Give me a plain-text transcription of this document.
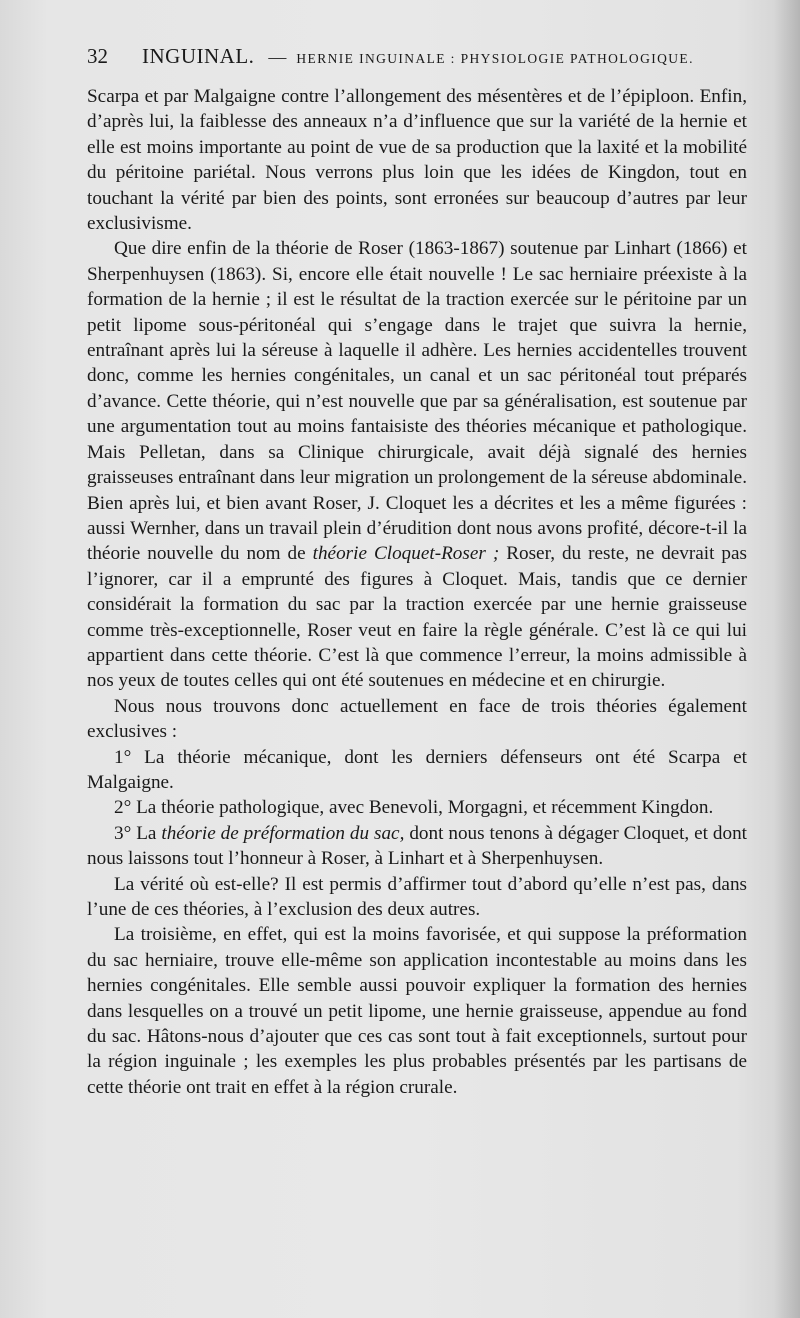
32 INGUINAL. — HERNIE INGUINALE : PHYSIOLOGIE PATHOLOGIQUE.

Scarpa et par Malgaigne contre l’allongement des mésentères et de l’épiploon. Enfin, d’après lui, la faiblesse des anneaux n’a d’influence que sur la variété de la hernie et elle est moins importante au point de vue de sa production que la laxité et la mobilité du péritoine pariétal. Nous verrons plus loin que les idées de Kingdon, tout en touchant la vérité par bien des points, sont erronées sur beaucoup d’autres par leur exclusivisme.

Que dire enfin de la théorie de Roser (1863-1867) soutenue par Linhart (1866) et Sherpenhuysen (1863). Si, encore elle était nouvelle ! Le sac herniaire préexiste à la formation de la hernie ; il est le résultat de la traction exercée sur le péritoine par un petit lipome sous-péritonéal qui s’engage dans le trajet que suivra la hernie, entraînant après lui la séreuse à laquelle il adhère. Les hernies accidentelles trouvent donc, comme les hernies congénitales, un canal et un sac péritonéal tout préparés d’avance. Cette théorie, qui n’est nouvelle que par sa généralisation, est soutenue par une argumentation tout au moins fantaisiste des théories mécanique et pathologique. Mais Pelletan, dans sa Clinique chirurgicale, avait déjà signalé des hernies graisseuses entraînant dans leur migration un prolongement de la séreuse abdominale. Bien après lui, et bien avant Roser, J. Cloquet les a décrites et les a même figurées : aussi Wernher, dans un travail plein d’érudition dont nous avons profité, décore-t-il la théorie nouvelle du nom de théorie Cloquet-Roser ; Roser, du reste, ne devrait pas l’ignorer, car il a emprunté des figures à Cloquet. Mais, tandis que ce dernier considérait la formation du sac par la traction exercée par une hernie graisseuse comme très-exceptionnelle, Roser veut en faire la règle générale. C’est là ce qui lui appartient dans cette théorie. C’est là que commence l’erreur, la moins admissible à nos yeux de toutes celles qui ont été soutenues en médecine et en chirurgie.

Nous nous trouvons donc actuellement en face de trois théories également exclusives :

1° La théorie mécanique, dont les derniers défenseurs ont été Scarpa et Malgaigne.

2° La théorie pathologique, avec Benevoli, Morgagni, et récemment Kingdon.

3° La théorie de préformation du sac, dont nous tenons à dégager Cloquet, et dont nous laissons tout l’honneur à Roser, à Linhart et à Sherpenhuysen.

La vérité où est-elle? Il est permis d’affirmer tout d’abord qu’elle n’est pas, dans l’une de ces théories, à l’exclusion des deux autres.

La troisième, en effet, qui est la moins favorisée, et qui suppose la préformation du sac herniaire, trouve elle-même son application incontestable au moins dans les hernies congénitales. Elle semble aussi pouvoir expliquer la formation des hernies dans lesquelles on a trouvé un petit lipome, une hernie graisseuse, appendue au fond du sac. Hâtons-nous d’ajouter que ces cas sont tout à fait exceptionnels, surtout pour la région inguinale ; les exemples les plus probables présentés par les partisans de cette théorie ont trait en effet à la région crurale.
